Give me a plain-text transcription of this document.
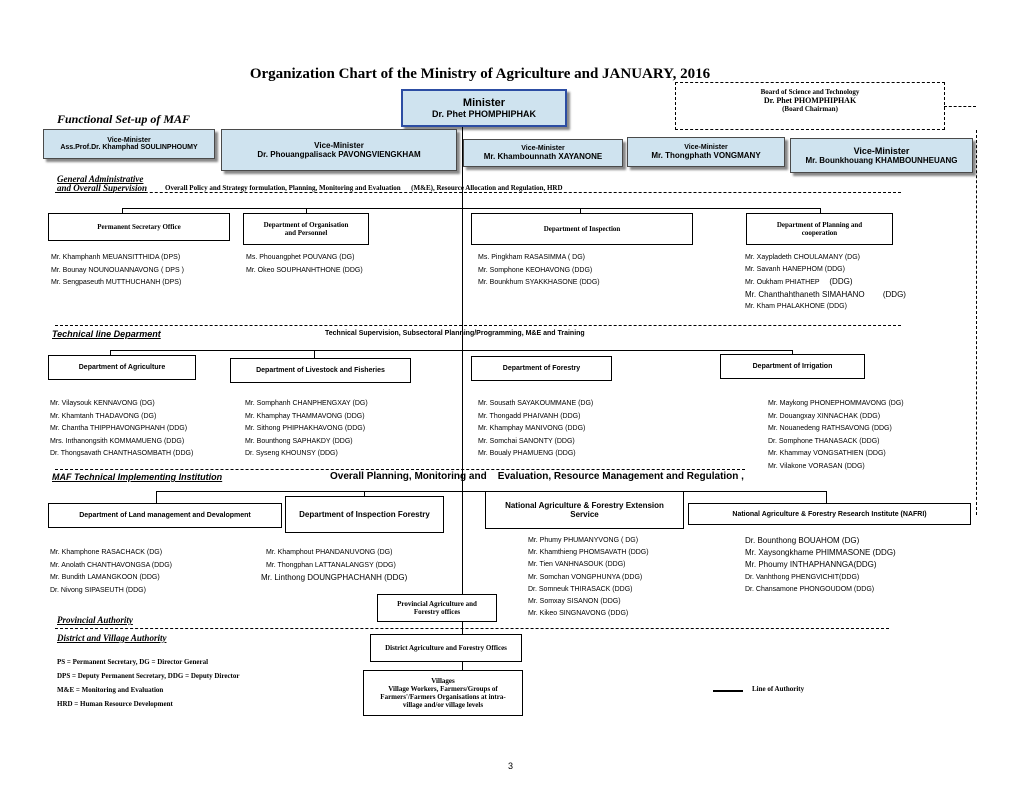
Organization Chart of the Ministry of Agriculture and JANUARY, 2016
Functional Set-up of MAF
Board of Science and Technology
Dr. Phet PHOMPHIPHAK
(Board Chairman)
Minister
Dr. Phet PHOMPHIPHAK
Vice-Minister
Ass.Prof.Dr. Khamphad SOULINPHOUMY	Vice-Minister
Dr. Phouangpalisack PAVONGVIENGKHAM
Vice-Minister
Mr. Khambounnath XAYANONE
Vice-Minister
Mr. Thongphath VONGMANY	Vice-Minister
Mr. Bounkhouang KHAMBOUNHEUANG
General Administrative
and Overall Supervision	Overall Policy and Strategy formulation, Planning, Monitoring and Evaluation      (M&E), Resource Allocation and Regulation, HRD
Permanent Secretary Office	Department of Organisation and Personnel	Department of Inspection	Department of Planning and cooperation
Mr. Khamphanh MEUANSITTHIDA (DPS)
Mr. Bounay NOUNOUANNAVONG ( DPS )
Mr. Sengpaseuth MUTTHUCHANH (DPS)
Ms. Phouangphet POUVANG (DG)
Mr. Okeo SOUPHANHTHONE (DDG)
Ms. Pingkham RASASIMMA ( DG)
Mr. Somphone KEOHAVONG (DDG)
Mr. Bounkhum SYAKKHASONE (DDG)
Mr. Xaypladeth CHOULAMANY (DG)
Mr. Savanh HANEPHOM (DDG)
Mr. Oukham PHIATHEP (DDG)
Mr. Chanthahthaneth SIMAHANO (DDG)
Mr. Kham PHALAKHONE (DDG)
Technical line Deparment	Technical Supervision, Subsectoral Planning/Programming, M&E and Training
Department of Agriculture	Department of Livestock and Fisheries	Department of Forestry	Department of Irrigation
Mr. Vilaysouk KENNAVONG (DG)
Mr. Khamtanh THADAVONG (DG)
Mr. Chantha THIPPHAVONGPHANH (DDG)
Mrs. Inthanongsith KOMMAMUENG (DDG)
Dr. Thongsavath CHANTHASOMBATH (DDG)
Mr. Somphanh CHANPHENGXAY (DG)
Mr. Khamphay THAMMAVONG (DDG)
Mr. Sithong PHIPHAKHAVONG (DDG)
Mr. Bounthong SAPHAKDY (DDG)
Dr. Syseng KHOUNSY (DDG)
Mr. Sousath SAYAKOUMMANE (DG)
Mr. Thongadd PHAIVANH (DDG)
Mr. Khamphay MANIVONG (DDG)
Mr. Somchai SANONTY (DDG)
Mr. Boualy PHAMUENG (DDG)
Mr. Maykong PHONEPHOMMAVONG (DG)
Mr. Douangxay XINNACHAK (DDG)
Mr. Nouanedeng RATHSAVONG (DDG)
Dr. Somphone THANASACK (DDG)
Mr. Khammay VONGSATHIEN (DDG)
Mr. Vilakone VORASAN (DDG)
MAF Technical Implementing Institution	Overall Planning, Monitoring and    Evaluation, Resource Management and Regulation ,
Department of Land management and Devalopment	Department of Inspection Forestry
National Agriculture & Forestry Extension Service	National Agriculture & Forestry Research Institute (NAFRI)
Mr. Khamphone RASACHACK (DG)
Mr. Anolath CHANTHAVONGSA (DDG)
Mr. Bundith LAMANGKOON (DDG)
Dr. Nivong SIPASEUTH (DDG)
Mr. Khamphout PHANDANUVONG (DG)
Mr. Thongphan LATTANALANGSY (DDG)
Mr. Linthong DOUNGPHACHANH (DDG)
Mr. Phumy PHUMANYVONG ( DG)
Mr. Khamthieng PHOMSAVATH (DDG)
Mr. Tien VANHNASOUK (DDG)
Mr. Somchan VONGPHUNYA (DDG)
Dr. Somneuk THIRASACK (DDG)
Mr. Somxay SISANON (DDG)
Mr. Kikeo SINGNAVONG (DDG)
Dr. Bounthong BOUAHOM (DG)
Mr. Xaysongkhame PHIMMASONE (DDG)
Mr. Phoumy INTHAPHANNGA(DDG)
Dr. Vanhthong PHENGVICHIT(DDG)
Dr. Chansamone PHONGOUDOM (DDG)
Provincial Agriculture and Forestry offices
Provincial Authority
District and Village Authority
District Agriculture and Forestry Offices
Villages
Village Workers, Farmers/Groups of Farmers'/Farmers Organisations at intra-village and/or village levels
PS = Permanent Secretary, DG = Director General
DPS = Deputy Permanent Secretary, DDG = Deputy Director
M&E = Monitoring and Evaluation
HRD = Human Resource Development
Line of Authority
3
